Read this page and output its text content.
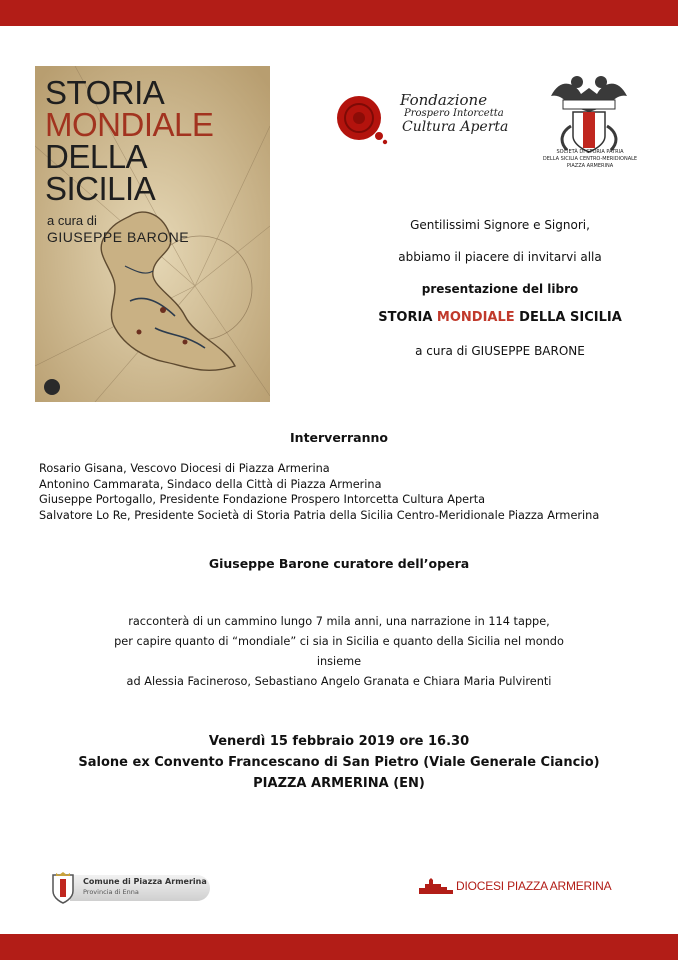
STORIA
MONDIALE
DELLA
SICILIA
a cura di
GIUSEPPE BARONE
Fondazione
Prospero Intorcetta
Cultura Aperta
SOCIETÀ DI STORIA PATRIA
DELLA SICILIA CENTRO-MERIDIONALE
PIAZZA ARMERINA
Gentilissimi Signore e Signori,
abbiamo il piacere di invitarvi alla
presentazione del libro
STORIA MONDIALE DELLA SICILIA
a cura di GIUSEPPE BARONE
Interverranno
Rosario Gisana, Vescovo Diocesi di Piazza Armerina
Antonino Cammarata, Sindaco della Città di Piazza Armerina
Giuseppe Portogallo, Presidente Fondazione Prospero Intorcetta Cultura Aperta
Salvatore Lo Re, Presidente Società di Storia Patria della Sicilia Centro-Meridionale Piazza Armerina
Giuseppe Barone curatore dell’opera
racconterà di un cammino lungo 7 mila anni, una narrazione in 114 tappe,
per capire quanto di “mondiale” ci sia in Sicilia e quanto della Sicilia nel mondo
insieme
ad Alessia Facineroso, Sebastiano Angelo Granata e Chiara Maria Pulvirenti
Venerdì 15 febbraio 2019 ore 16.30
Salone ex Convento Francescano di San Pietro (Viale Generale Ciancio)
PIAZZA ARMERINA (EN)
Comune di Piazza Armerina
Provincia di Enna	DIOCESI PIAZZA ARMERINA
